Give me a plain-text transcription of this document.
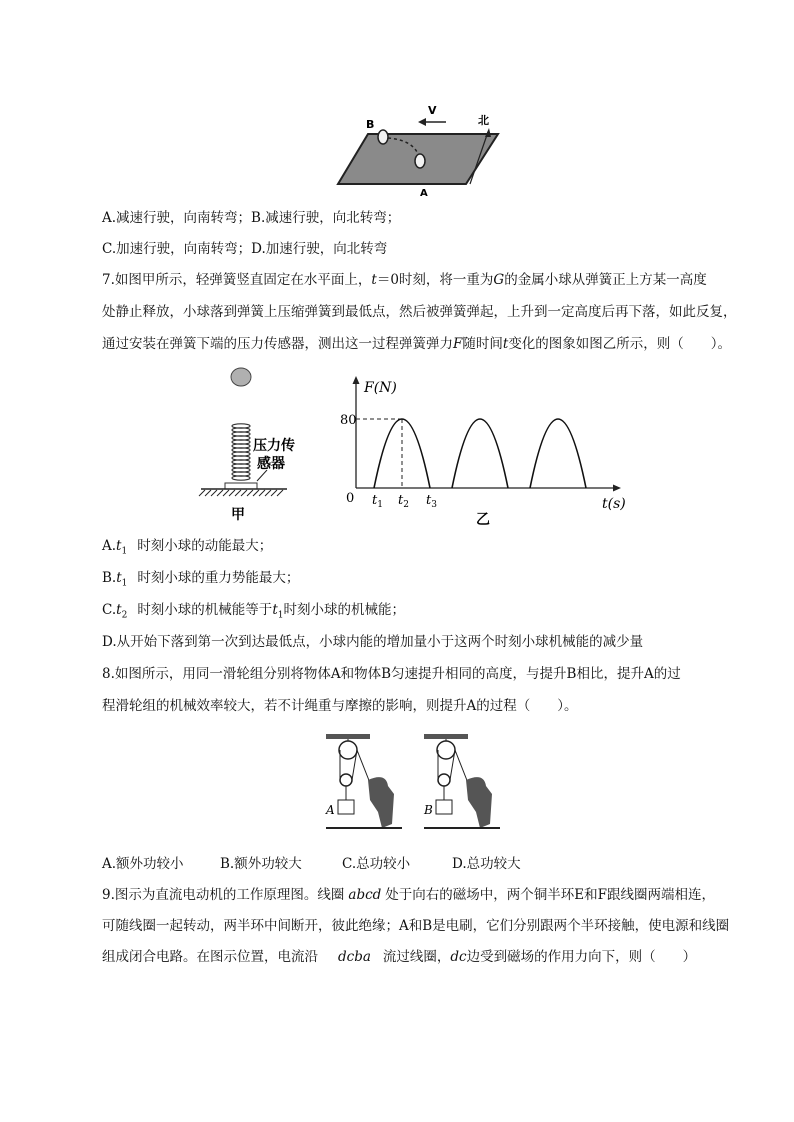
B
V
A
北
A.减速行驶，向南转弯；B.减速行驶，向北转弯；
C.加速行驶，向南转弯；D.加速行驶，向北转弯
7.如图甲所示，轻弹簧竖直固定在水平面上，t＝0时刻，将一重为G的金属小球从弹簧正上方某一高度
处静止释放，小球落到弹簧上压缩弹簧到最低点，然后被弹簧弹起，上升到一定高度后再下落，如此反复，
通过安装在弹簧下端的压力传感器，测出这一过程弹簧弹力F随时间t变化的图象如图乙所示，则（　　）。
压力传
感器
甲
F(N)
t(s)
0
80
$t_1$ $t_2$ $t_3$
乙
$A.t_1$ 时刻小球的动能最大；
$B.t_1$ 时刻小球的重力势能最大；
$C.t_2$ 时刻小球的机械能等于$t_1$时刻小球的机械能；
D.从开始下落到第一次到达最低点，小球内能的增加量小于这两个时刻小球机械能的减少量
8.如图所示，用同一滑轮组分别将物体A和物体B匀速提升相同的高度，与提升B相比，提升A的过
程滑轮组的机械效率较大，若不计绳重与摩擦的影响，则提升A的过程（　　）。
A	B
A.额外功较小	B.额外功较大	C.总功较小	D.总功较大
9.图示为直流电动机的工作原理图。线圈 abcd 处于向右的磁场中，两个铜半环E和F跟线圈两端相连，
可随线圈一起转动，两半环中间断开，彼此绝缘；A和B是电刷，它们分别跟两个半环接触，使电源和线圈
组成闭合电路。在图示位置，电流沿 dcba 流过线圈，dc边受到磁场的作用力向下，则（　　）
